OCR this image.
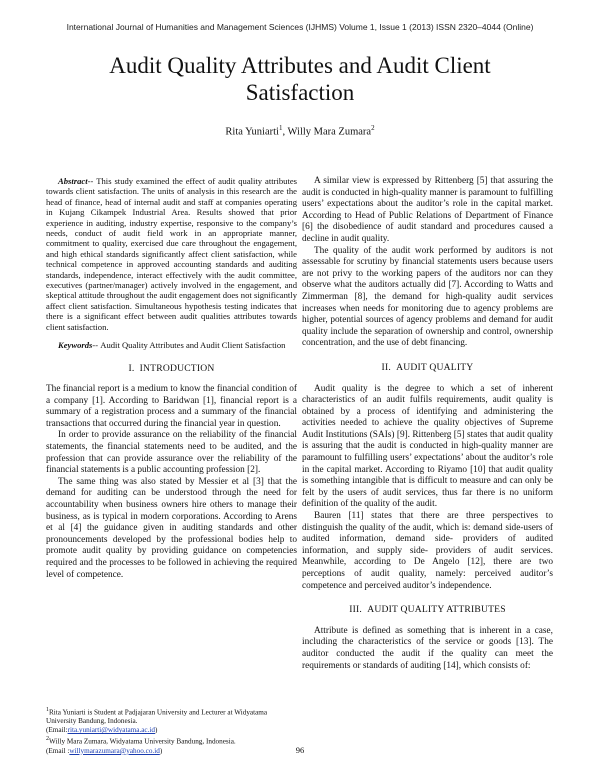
International Journal of Humanities and Management Sciences (IJHMS) Volume 1, Issue 1 (2013) ISSN 2320–4044 (Online)
Audit Quality Attributes and Audit Client Satisfaction
Rita Yuniarti$^1$, Willy Mara Zumara$^2$

Abstract-- This study examined the effect of audit quality attributes towards client satisfaction. The units of analysis in this research are the head of finance, head of internal audit and staff at companies operating in Kujang Cikampek Industrial Area. Results showed that prior experience in auditing, industry expertise, responsive to the company’s needs, conduct of audit field work in an appropriate manner, commitment to quality, exercised due care throughout the engagement, and high ethical standards significantly affect client satisfaction, while technical competence in approved accounting standards and auditing standards, independence, interact effectively with the audit committee, executives (partner/manager) actively involved in the engagement, and skeptical attitude throughout the audit engagement does not significantly affect client satisfaction. Simultaneous hypothesis testing indicates that there is a significant effect between audit qualities attributes towards client satisfaction.

Keywords-- Audit Quality Attributes and Audit Client Satisfaction

I.  INTRODUCTION

The financial report is a medium to know the financial condition of a company [1]. According to Baridwan [1], financial report is a summary of a registration process and a summary of the financial transactions that occurred during the financial year in question.

In order to provide assurance on the reliability of the financial statements, the financial statements need to be audited, and the profession that can provide assurance over the reliability of the financial statements is a public accounting profession [2].

The same thing was also stated by Messier et al [3] that the demand for auditing can be understood through the need for accountability when business owners hire others to manage their business, as is typical in modern corporations. According to Arens et al [4] the guidance given in auditing standards and other pronouncements developed by the professional bodies help to promote audit quality by providing guidance on competencies required and the processes to be followed in achieving the required level of competence.

$^1$Rita Yuniarti is Student at Padjajaran University and Lecturer at Widyatama University Bandung, Indonesia.

(Email:rita.yuniarti@widyatama.ac.id)

$^2$Willy Mara Zumara, Widyatama University Bandung, Indonesia.

(Email :willymarazumara@yahoo.co.id)

A similar view is expressed by Rittenberg [5] that assuring the audit is conducted in high-quality manner is paramount to fulfilling users’ expectations about the auditor’s role in the capital market. According to Head of Public Relations of Department of Finance [6] the disobedience of audit standard and procedures caused a decline in audit quality.

The quality of the audit work performed by auditors is not assessable for scrutiny by financial statements users because users are not privy to the working papers of the auditors nor can they observe what the auditors actually did [7]. According to Watts and Zimmerman [8], the demand for high-quality audit services increases when needs for monitoring due to agency problems are higher, potential sources of agency problems and demand for audit quality include the separation of ownership and control, ownership concentration, and the use of debt financing.

II.  AUDIT QUALITY

Audit quality is the degree to which a set of inherent characteristics of an audit fulfils requirements, audit quality is obtained by a process of identifying and administering the activities needed to achieve the quality objectives of Supreme Audit Institutions (SAIs) [9]. Rittenberg [5] states that audit quality is assuring that the audit is conducted in high-quality manner are paramount to fulfilling users’ expectations’ about the auditor’s role in the capital market. According to Riyamo [10] that audit quality is something intangible that is difficult to measure and can only be felt by the users of audit services, thus far there is no uniform definition of the quality of the audit.

Bauren [11] states that there are three perspectives to distinguish the quality of the audit, which is: demand side-users of audited information, demand side- providers of audited information, and supply side- providers of audit services. Meanwhile, according to De Angelo [12], there are two perceptions of audit quality, namely: perceived auditor’s competence and perceived auditor’s independence.

III.  AUDIT QUALITY ATTRIBUTES

Attribute is defined as something that is inherent in a case, including the characteristics of the service or goods [13]. The auditor conducted the audit if the quality can meet the requirements or standards of auditing [14], which consists of:

96
